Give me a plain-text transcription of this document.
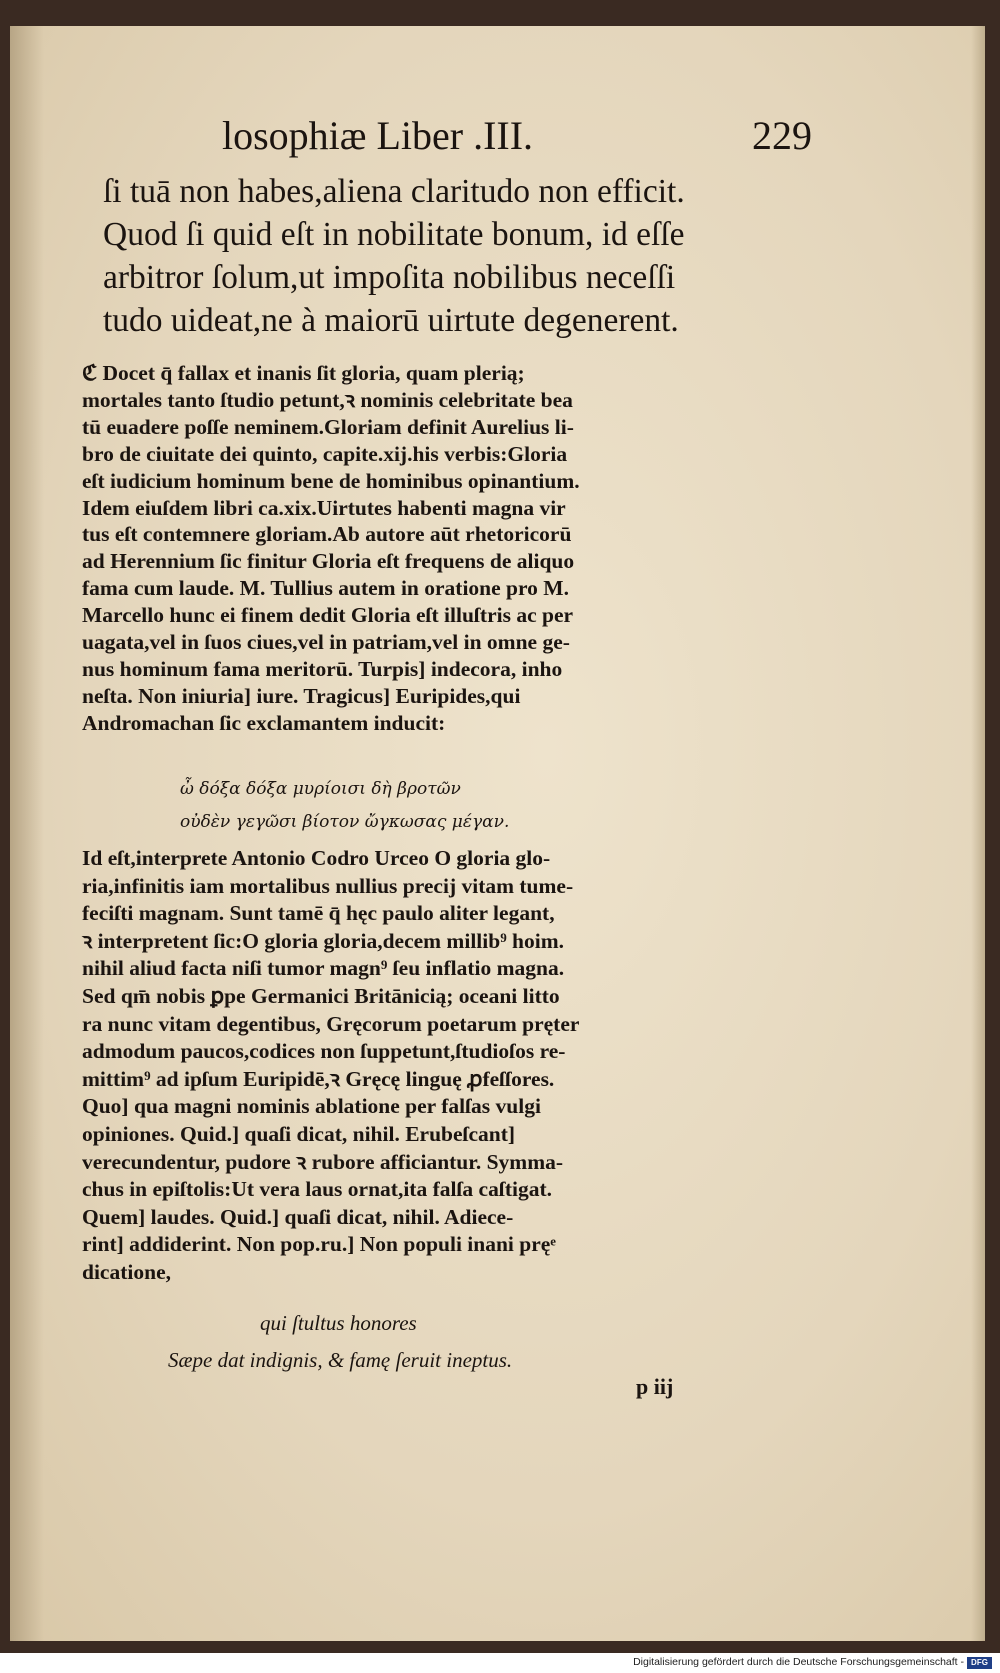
losophiæ Liber .III.	229
ſi tuā non habes,aliena claritudo non efficit.
Quod ſi quid eſt in nobilitate bonum, id eſſe
arbitror ſolum,ut impoſita nobilibus neceſſi
tudo uideat,ne à maiorū uirtute degenerent.
ℭ Docet q̄ fallax et inanis ſit gloria, quam plerią;
mortales tanto ſtudio petunt,ꝛ nominis celebritate bea
tū euadere poſſe neminem.Gloriam definit Aurelius li-
bro de ciuitate dei quinto, capite.xij.his verbis:Gloria
eſt iudicium hominum bene de hominibus opinantium.
Idem eiuſdem libri ca.xix.Uirtutes habenti magna vir
tus eſt contemnere gloriam.Ab autore aūt rhetoricorū
ad Herennium ſic finitur Gloria eſt frequens de aliquo
fama cum laude. M. Tullius autem in oratione pro M.
Marcello hunc ei finem dedit Gloria eſt illuſtris ac per
uagata,vel in ſuos ciues,vel in patriam,vel in omne ge-
nus hominum fama meritorū. Turpis] indecora, inho
neſta. Non iniuria] iure. Tragicus] Euripides,qui
Andromachan ſic exclamantem inducit:
ὦ δόξα δόξα μυρίοισι δὴ βροτῶν
οὐδὲν γεγῶσι βίοτον ὤγκωσας μέγαν.
Id eſt,interprete Antonio Codro Urceo O gloria glo-
ria,infinitis iam mortalibus nullius precij vitam tume-
feciſti magnam. Sunt tamē q̄ hęc paulo aliter legant,
ꝛ interpretent ſic:O gloria gloria,decem millib⁹ hoim.
nihil aliud facta niſi tumor magn⁹ ſeu inflatio magna.
Sed qm̄ nobis ꝑpe Germanici Britānicią; oceani litto
ra nunc vitam degentibus, Gręcorum poetarum pręter
admodum paucos,codices non ſuppetunt,ſtudioſos re-
mittim⁹ ad ipſum Euripidē,ꝛ Gręcę linguę ꝓfeſſores.
Quo] qua magni nominis ablatione per falſas vulgi
opiniones. Quid.] quaſi dicat, nihil. Erubeſcant]
verecundentur, pudore ꝛ rubore afficiantur. Symma-
chus in epiſtolis:Ut vera laus ornat,ita falſa caſtigat.
Quem] laudes. Quid.] quaſi dicat, nihil. Adiece-
rint] addiderint. Non pop.ru.] Non populi inani pręͤ
dicatione,
qui ſtultus honores
Sæpe dat indignis, & famę ſeruit ineptus.
p iij
Digitalisierung gefördert durch die Deutsche Forschungsgemeinschaft - DFG
